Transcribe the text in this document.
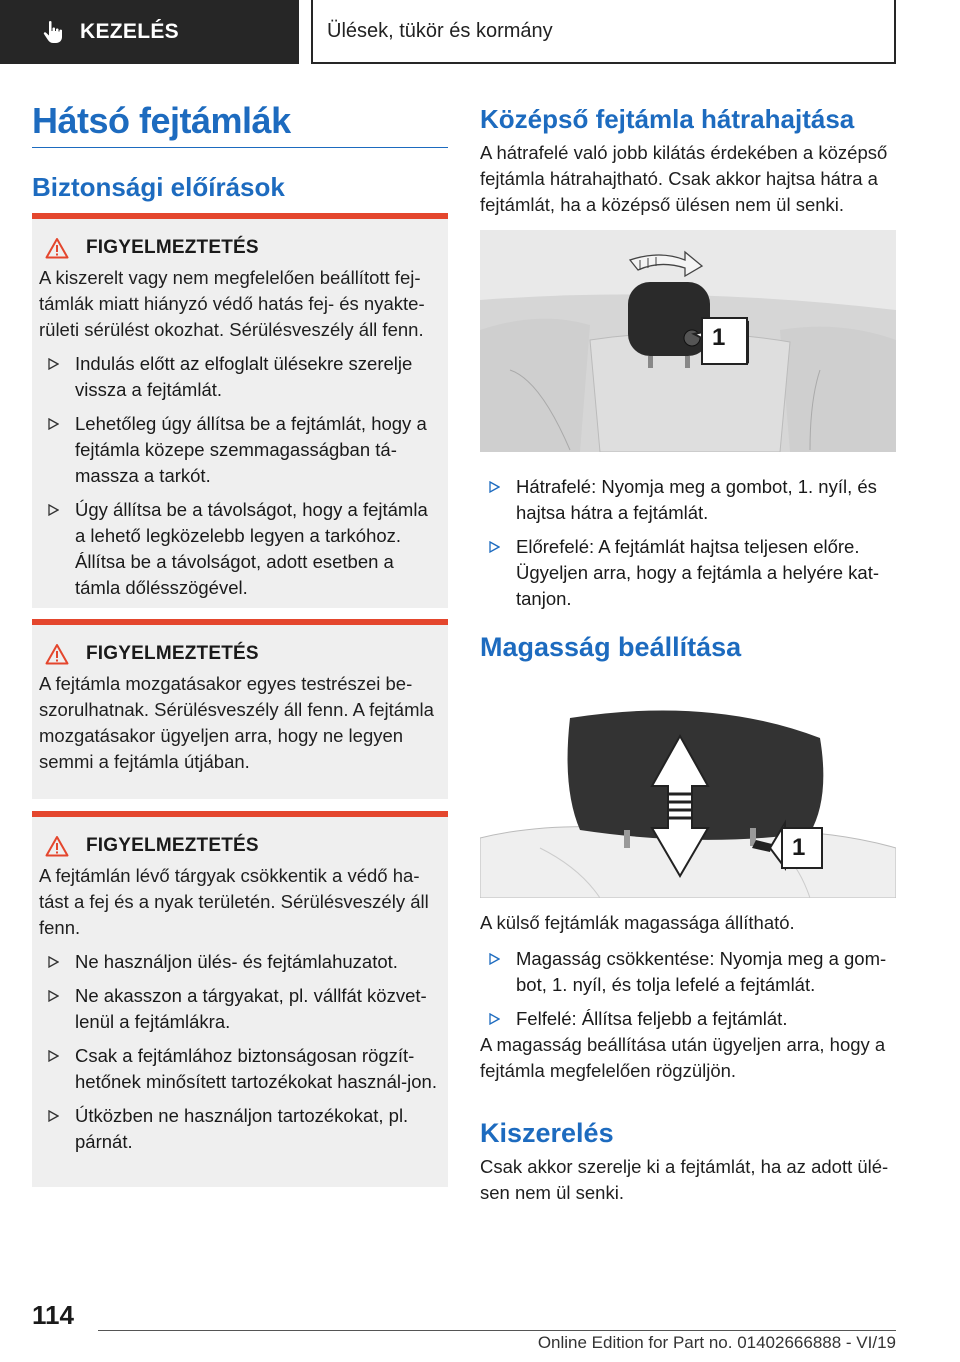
KEZELÉS	Ülések, tükör és kormány
Hátsó fejtámlák
Biztonsági előírások
FIGYELMEZTETÉS
A kiszerelt vagy nem megfelelően beállított fej-támlák miatt hiányzó védő hatás fej- és nyakte-rületi sérülést okozhat. Sérülésveszély áll fenn.
Indulás előtt az elfoglalt ülésekre szerelje vissza a fejtámlát.
Lehetőleg úgy állítsa be a fejtámlát, hogy a fejtámla közepe szemmagasságban tá-massza a tarkót.
Úgy állítsa be a távolságot, hogy a fejtámla a lehető legközelebb legyen a tarkóhoz. Állítsa be a távolságot, adott esetben a támla dőlésszögével.
FIGYELMEZTETÉS
A fejtámla mozgatásakor egyes testrészei be-szorulhatnak. Sérülésveszély áll fenn. A fejtámla mozgatásakor ügyeljen arra, hogy ne legyen semmi a fejtámla útjában.
FIGYELMEZTETÉS
A fejtámlán lévő tárgyak csökkentik a védő ha-tást a fej és a nyak területén. Sérülésveszély áll fenn.
Ne használjon ülés- és fejtámlahuzatot.
Ne akasszon a tárgyakat, pl. vállfát közvet-lenül a fejtámlákra.
Csak a fejtámlához biztonságosan rögzít-hetőnek minősített tartozékokat használ-jon.
Útközben ne használjon tartozékokat, pl. párnát.
Középső fejtámla hátrahajtása
A hátrafelé való jobb kilátás érdekében a középső fejtámla hátrahajtható. Csak akkor hajtsa hátra a fejtámlát, ha a középső ülésen nem ül senki.
1
Hátrafelé: Nyomja meg a gombot, 1. nyíl, és hajtsa hátra a fejtámlát.
Előrefelé: A fejtámlát hajtsa teljesen előre. Ügyeljen arra, hogy a fejtámla a helyére kat-tanjon.
Magasság beállítása
1
A külső fejtámlák magassága állítható.
Magasság csökkentése: Nyomja meg a gom-bot, 1. nyíl, és tolja lefelé a fejtámlát.
Felfelé: Állítsa feljebb a fejtámlát.
A magasság beállítása után ügyeljen arra, hogy a fejtámla megfelelően rögzüljön.
Kiszerelés
Csak akkor szerelje ki a fejtámlát, ha az adott ülé-sen nem ül senki.
114
Online Edition for Part no. 01402666888 - VI/19
